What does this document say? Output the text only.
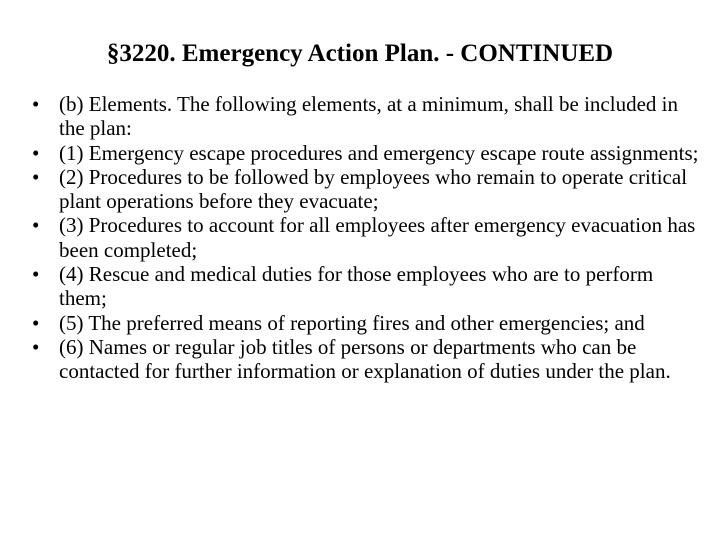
§3220. Emergency Action Plan. - CONTINUED
• (b) Elements. The following elements, at a minimum, shall be included in the plan:
• (1) Emergency escape procedures and emergency escape route assignments;
• (2) Procedures to be followed by employees who remain to operate critical plant operations before they evacuate;
• (3) Procedures to account for all employees after emergency evacuation has been completed;
• (4) Rescue and medical duties for those employees who are to perform them;
• (5) The preferred means of reporting fires and other emergencies; and
• (6) Names or regular job titles of persons or departments who can be contacted for further information or explanation of duties under the plan.
